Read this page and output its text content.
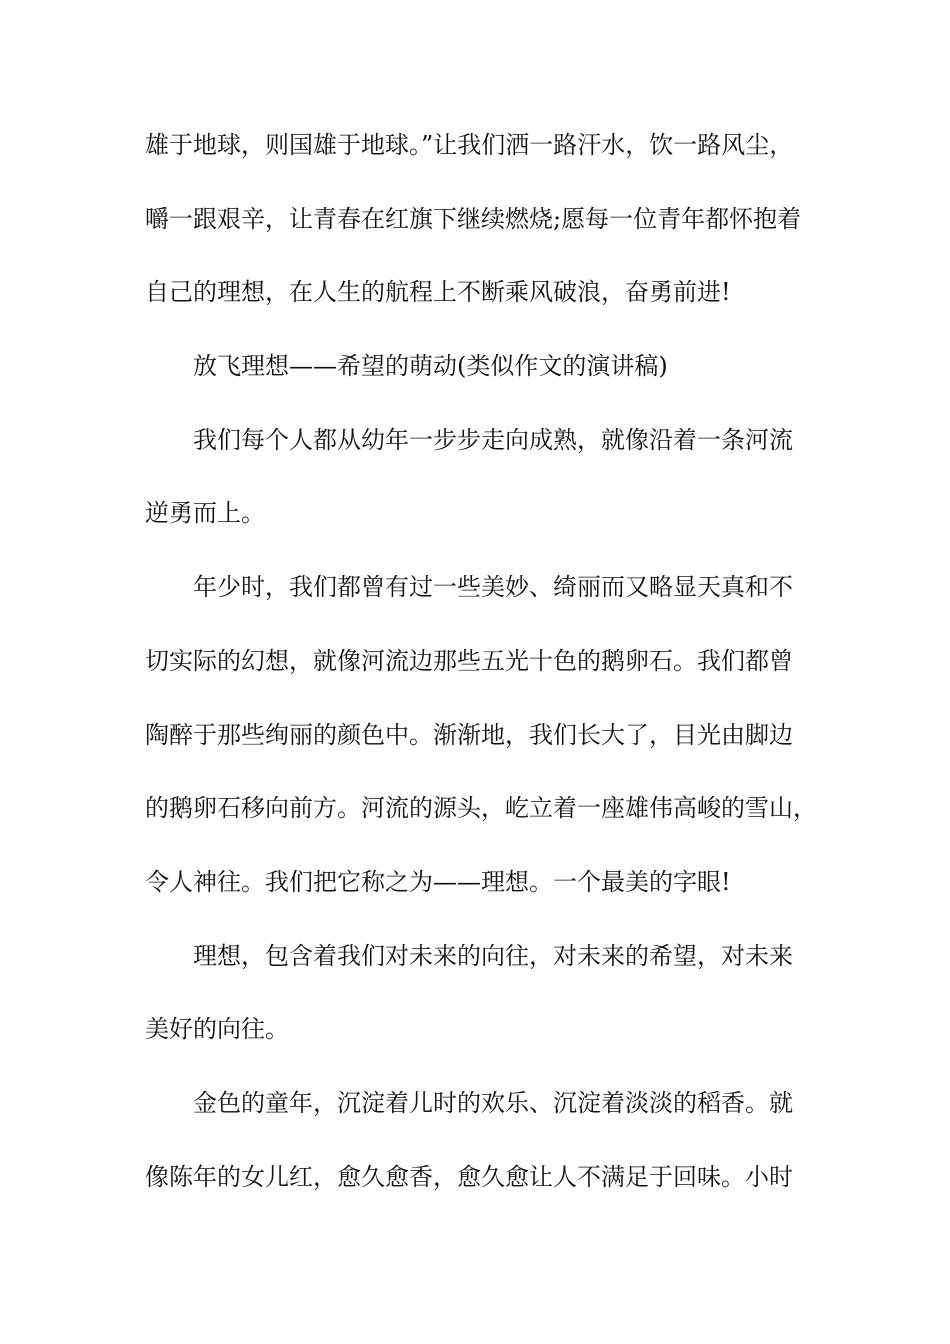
雄于地球，则国雄于地球。”让我们洒一路汗水，饮一路风尘，
嚼一跟艰辛，让青春在红旗下继续燃烧;愿每一位青年都怀抱着
自己的理想，在人生的航程上不断乘风破浪，奋勇前进!
放飞理想——希望的萌动(类似作文的演讲稿)
我们每个人都从幼年一步步走向成熟，就像沿着一条河流
逆勇而上。
年少时，我们都曾有过一些美妙、绮丽而又略显天真和不
切实际的幻想，就像河流边那些五光十色的鹅卵石。我们都曾
陶醉于那些绚丽的颜色中。渐渐地，我们长大了，目光由脚边
的鹅卵石移向前方。河流的源头，屹立着一座雄伟高峻的雪山，
令人神往。我们把它称之为——理想。一个最美的字眼!
理想，包含着我们对未来的向往，对未来的希望，对未来
美好的向往。
金色的童年，沉淀着儿时的欢乐、沉淀着淡淡的稻香。就
像陈年的女儿红，愈久愈香，愈久愈让人不满足于回味。小时
